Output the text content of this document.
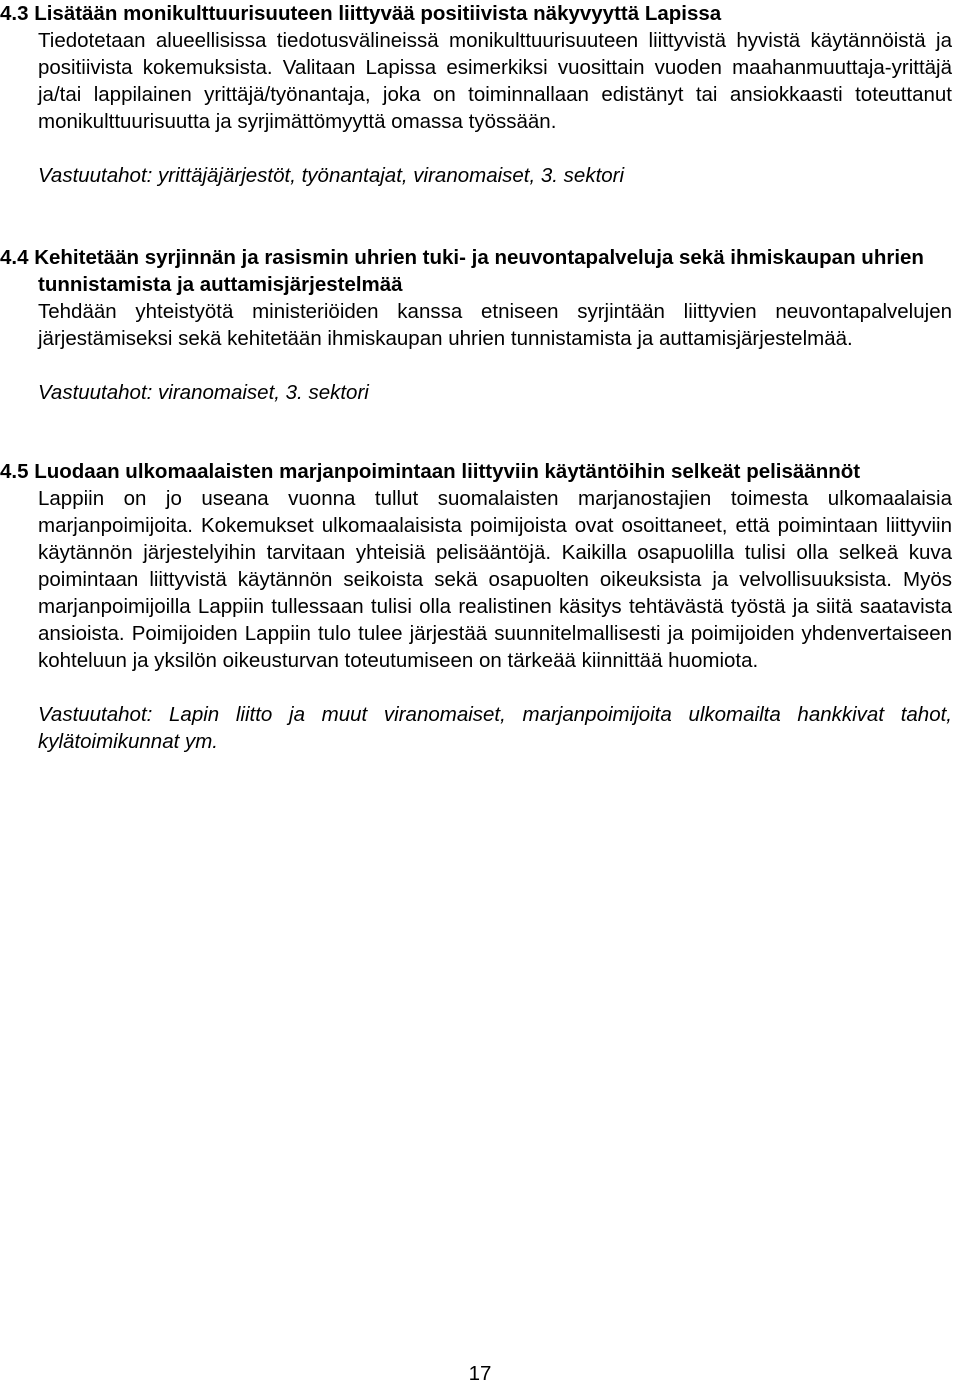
4.3 Lisätään monikulttuurisuuteen liittyvää positiivista näkyvyyttä Lapissa

Tiedotetaan alueellisissa tiedotusvälineissä monikulttuurisuuteen liittyvistä hyvistä käytännöistä ja positiivista kokemuksista. Valitaan Lapissa esimerkiksi vuosittain vuoden maahanmuuttaja-yrittäjä ja/tai lappilainen yrittäjä/työnantaja, joka on toiminnallaan edistänyt tai ansiokkaasti toteuttanut monikulttuurisuutta ja syrjimättömyyttä omassa työssään.

Vastuutahot: yrittäjäjärjestöt, työnantajat, viranomaiset, 3. sektori

4.4 Kehitetään syrjinnän ja rasismin uhrien tuki- ja neuvontapalveluja sekä ihmiskaupan uhrien tunnistamista ja auttamisjärjestelmää

Tehdään yhteistyötä ministeriöiden kanssa etniseen syrjintään liittyvien neuvontapalvelujen järjestämiseksi sekä kehitetään ihmiskaupan uhrien tunnistamista ja auttamisjärjestelmää.

Vastuutahot: viranomaiset, 3. sektori

4.5 Luodaan ulkomaalaisten marjanpoimintaan liittyviin käytäntöihin selkeät pelisäännöt

Lappiin on jo useana vuonna tullut suomalaisten marjanostajien toimesta ulkomaalaisia marjanpoimijoita. Kokemukset ulkomaalaisista poimijoista ovat osoittaneet, että poimintaan liittyviin käytännön järjestelyihin tarvitaan yhteisiä pelisääntöjä. Kaikilla osapuolilla tulisi olla selkeä kuva poimintaan liittyvistä käytännön seikoista sekä osapuolten oikeuksista ja velvollisuuksista. Myös marjanpoimijoilla Lappiin tullessaan tulisi olla realistinen käsitys tehtävästä työstä ja siitä saatavista ansioista. Poimijoiden Lappiin tulo tulee järjestää suunnitelmallisesti ja poimijoiden yhdenvertaiseen kohteluun ja yksilön oikeusturvan toteutumiseen on tärkeää kiinnittää huomiota.

Vastuutahot: Lapin liitto ja muut viranomaiset, marjanpoimijoita ulkomailta hankkivat tahot, kylätoimikunnat ym.

17
